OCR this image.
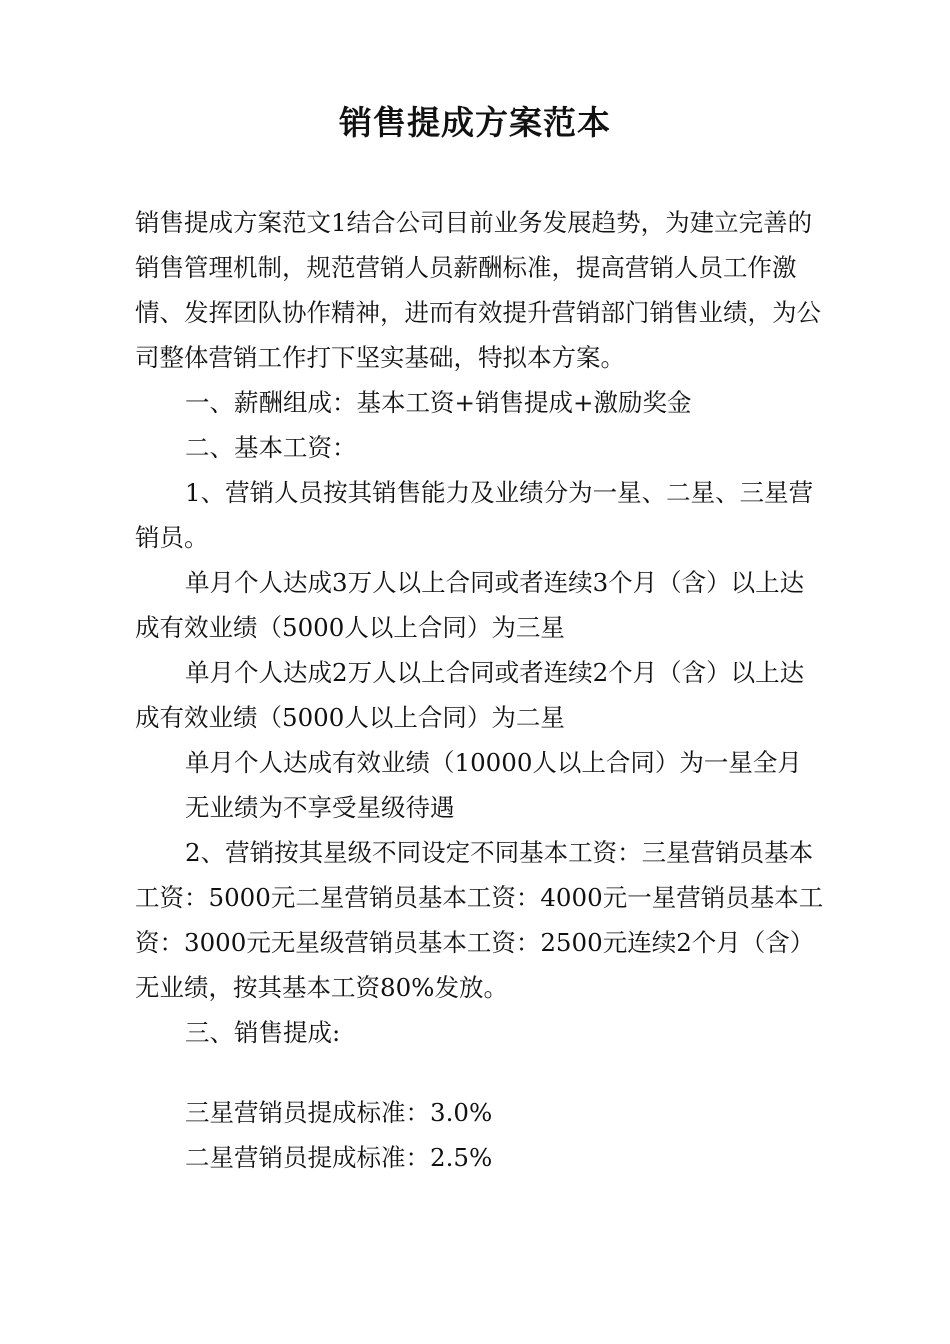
销售提成方案范本

销售提成方案范文1结合公司目前业务发展趋势，为建立完善的销售管理机制，规范营销人员薪酬标准，提高营销人员工作激情、发挥团队协作精神，进而有效提升营销部门销售业绩，为公司整体营销工作打下坚实基础，特拟本方案。

一、薪酬组成：基本工资+销售提成+激励奖金

二、基本工资：

1、营销人员按其销售能力及业绩分为一星、二星、三星营销员。

单月个人达成3万人以上合同或者连续3个月（含）以上达成有效业绩（5000人以上合同）为三星

单月个人达成2万人以上合同或者连续2个月（含）以上达成有效业绩（5000人以上合同）为二星

单月个人达成有效业绩（10000人以上合同）为一星全月无业绩为不享受星级待遇

2、营销按其星级不同设定不同基本工资：三星营销员基本工资：5000元二星营销员基本工资：4000元一星营销员基本工资：3000元无星级营销员基本工资：2500元连续2个月（含）无业绩，按其基本工资80%发放。

三、销售提成:

三星营销员提成标准：3.0%

二星营销员提成标准：2.5%
